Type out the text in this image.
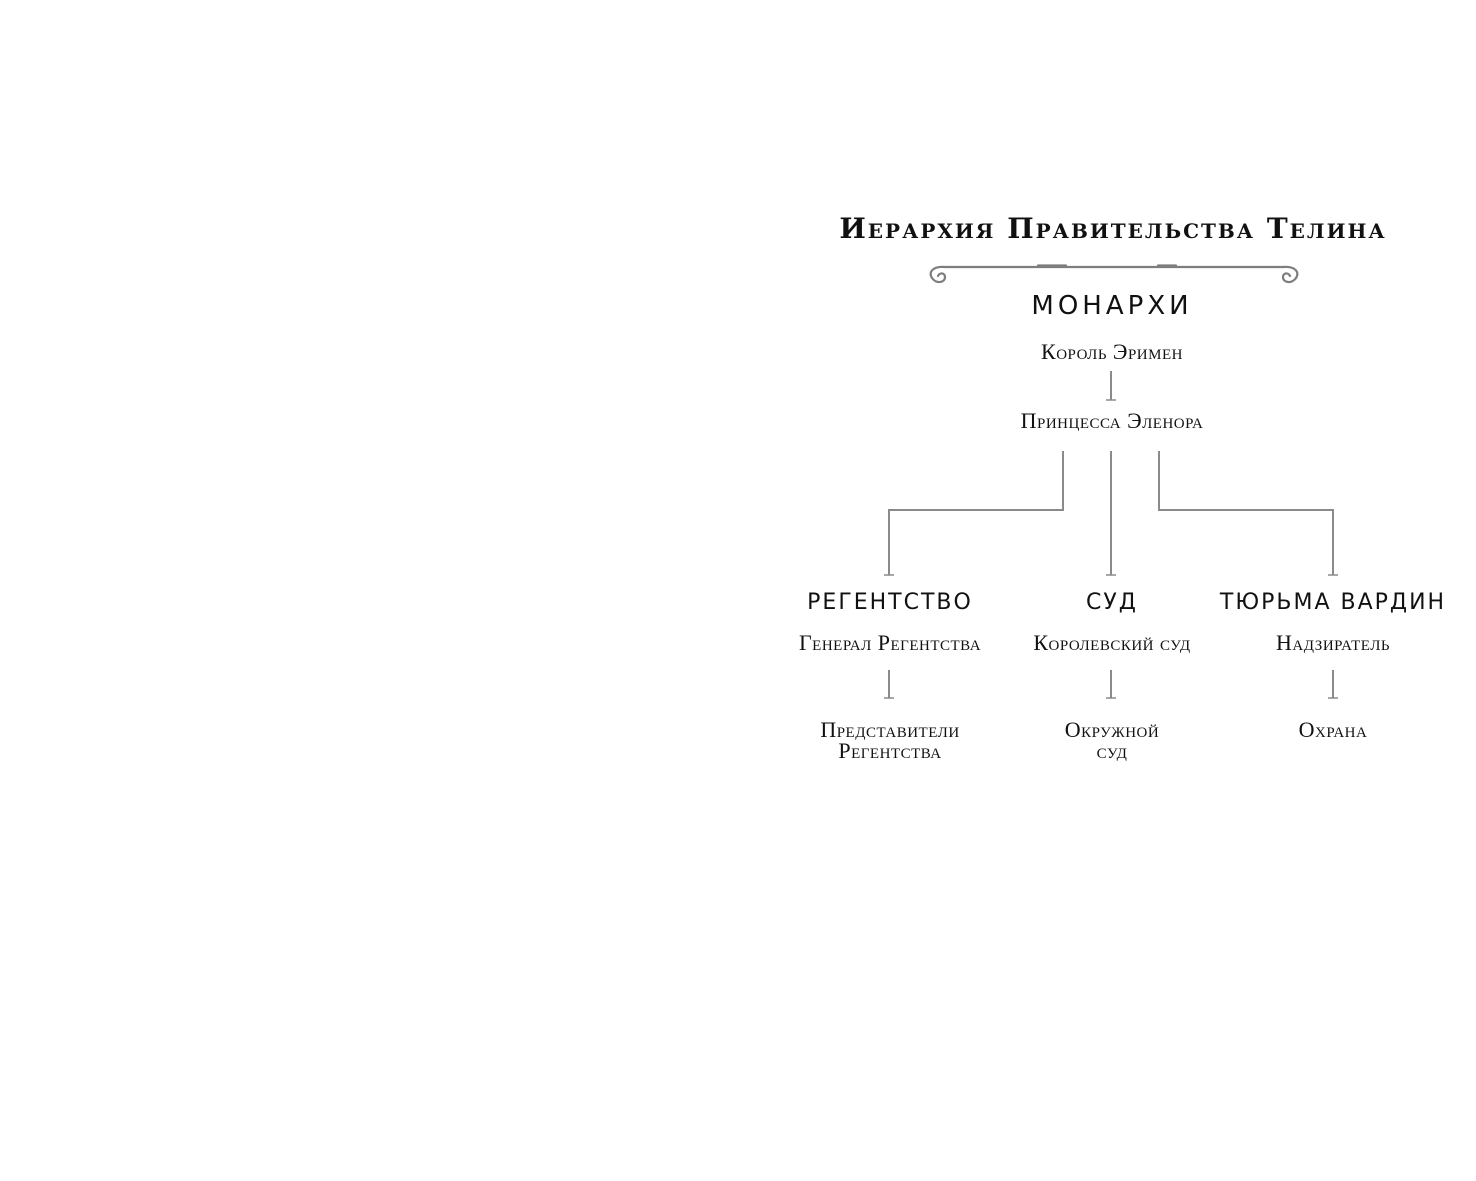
Иерархия Правительства Телина
МОНАРХИ
Король Эримен
Принцесса Эленора
РЕГЕНТСТВО
Генерал Регентства
Представители
Регентства
СУД
Королевский суд
Окружной
суд
ТЮРЬМА ВАРДИН
Надзиратель
Охрана
